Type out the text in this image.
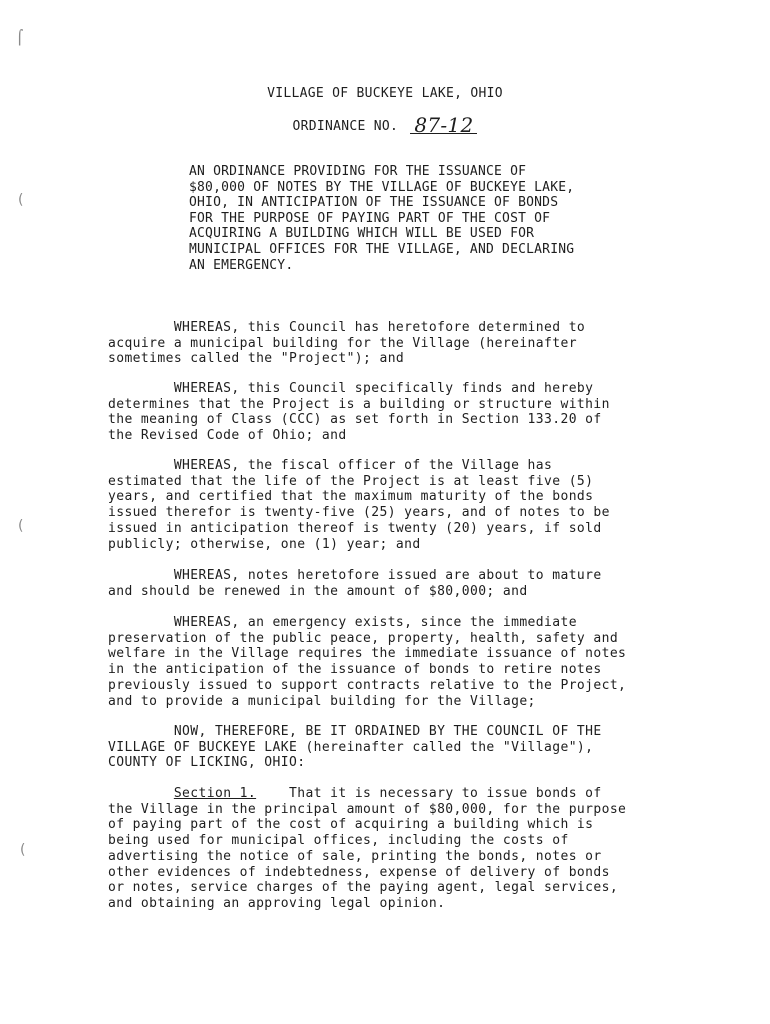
⌠
(
(
(
VILLAGE OF BUCKEYE LAKE, OHIO
ORDINANCE NO. 87-12
AN ORDINANCE PROVIDING FOR THE ISSUANCE OF
$80,000 OF NOTES BY THE VILLAGE OF BUCKEYE LAKE,
OHIO, IN ANTICIPATION OF THE ISSUANCE OF BONDS
FOR THE PURPOSE OF PAYING PART OF THE COST OF
ACQUIRING A BUILDING WHICH WILL BE USED FOR
MUNICIPAL OFFICES FOR THE VILLAGE, AND DECLARING
AN EMERGENCY.
WHEREAS, this Council has heretofore determined to
acquire a municipal building for the Village (hereinafter
sometimes called the "Project"); and
WHEREAS, this Council specifically finds and hereby
determines that the Project is a building or structure within
the meaning of Class (CCC) as set forth in Section 133.20 of
the Revised Code of Ohio; and
WHEREAS, the fiscal officer of the Village has
estimated that the life of the Project is at least five (5)
years, and certified that the maximum maturity of the bonds
issued therefor is twenty-five (25) years, and of notes to be
issued in anticipation thereof is twenty (20) years, if sold
publicly; otherwise, one (1) year; and
WHEREAS, notes heretofore issued are about to mature
and should be renewed in the amount of $80,000; and
WHEREAS, an emergency exists, since the immediate
preservation of the public peace, property, health, safety and
welfare in the Village requires the immediate issuance of notes
in the anticipation of the issuance of bonds to retire notes
previously issued to support contracts relative to the Project,
and to provide a municipal building for the Village;
NOW, THEREFORE, BE IT ORDAINED BY THE COUNCIL OF THE
VILLAGE OF BUCKEYE LAKE (hereinafter called the "Village"),
COUNTY OF LICKING, OHIO:
Section 1.    That it is necessary to issue bonds of
the Village in the principal amount of $80,000, for the purpose
of paying part of the cost of acquiring a building which is
being used for municipal offices, including the costs of
advertising the notice of sale, printing the bonds, notes or
other evidences of indebtedness, expense of delivery of bonds
or notes, service charges of the paying agent, legal services,
and obtaining an approving legal opinion.
